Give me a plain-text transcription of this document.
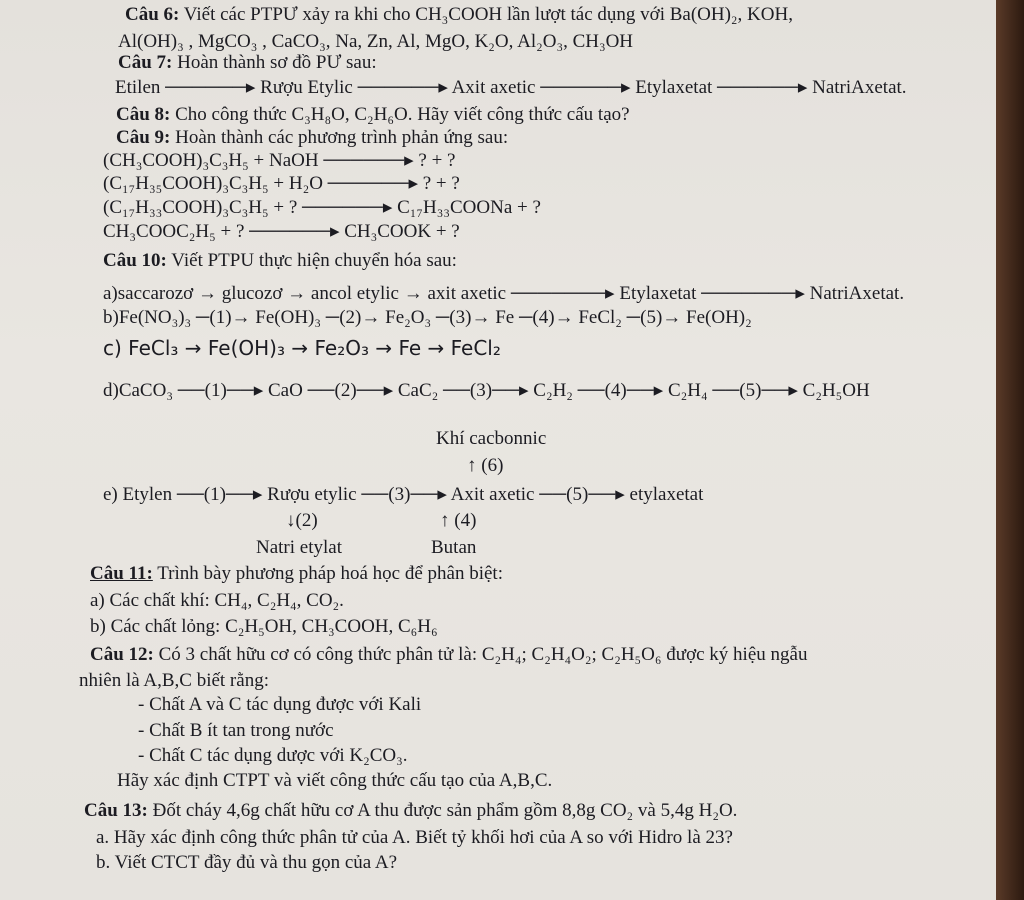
Câu 6: Viết các PTPƯ xảy ra khi cho CH₃COOH lần lượt tác dụng với Ba(OH)₂, KOH,
Al(OH)₃ , MgCO₃ , CaCO₃, Na, Zn, Al, MgO, K₂O, Al₂O₃, CH₃OH
Câu 7: Hoàn thành sơ đồ PƯ sau:
Etilen ──────▸ Rượu Etylic ──────▸ Axit axetic ──────▸ Etylaxetat ──────▸ NatriAxetat.
Câu 8: Cho công thức C₃H₈O, C₂H₆O. Hãy viết công thức cấu tạo?
Câu 9: Hoàn thành các phương trình phản ứng sau:
(CH₃COOH)₃C₃H₅ + NaOH ──────▸ ? + ?
(C₁₇H₃₅COOH)₃C₃H₅ + H₂O ──────▸ ? + ?
(C₁₇H₃₃COOH)₃C₃H₅ + ? ──────▸ C₁₇H₃₃COONa + ?
CH₃COOC₂H₅ + ? ──────▸ CH₃COOK + ?
Câu 10: Viết PTPU thực hiện chuyển hóa sau:
a)saccarozơ → glucozơ → ancol etylic → axit axetic ───────▸ Etylaxetat ───────▸ NatriAxetat.
b)Fe(NO₃)₃ ─(1)→ Fe(OH)₃ ─(2)→ Fe₂O₃ ─(3)→ Fe ─(4)→ FeCl₂ ─(5)→ Fe(OH)₂
c) FeCl₃ → Fe(OH)₃ → Fe₂O₃ → Fe → FeCl₂
d)CaCO₃ ──(1)──▸ CaO ──(2)──▸ CaC₂ ──(3)──▸ C₂H₂ ──(4)──▸ C₂H₄ ──(5)──▸ C₂H₅OH
Khí cacbonnic
↑ (6)
e) Etylen ──(1)──▸ Rượu etylic ──(3)──▸ Axit axetic ──(5)──▸ etylaxetat
↓(2)	↑ (4)
Natri etylat	Butan
Câu 11: Trình bày phương pháp hoá học để phân biệt:
a) Các chất khí: CH₄, C₂H₄, CO₂.
b) Các chất lỏng: C₂H₅OH, CH₃COOH, C₆H₆
Câu 12: Có 3 chất hữu cơ có công thức phân tử là: C₂H₄; C₂H₄O₂; C₂H₅O₆ được ký hiệu ngẫu
nhiên là A,B,C biết rằng:
- Chất A và C tác dụng được với Kali
- Chất B ít tan trong nước
- Chất C tác dụng dược với K₂CO₃.
Hãy xác định CTPT và viết công thức cấu tạo của A,B,C.
Câu 13: Đốt cháy 4,6g chất hữu cơ A thu được sản phẩm gồm 8,8g CO₂ và 5,4g H₂O.
a. Hãy xác định công thức phân tử của A. Biết tỷ khối hơi của A so với Hidro là 23?
b. Viết CTCT đầy đủ và thu gọn của A?
